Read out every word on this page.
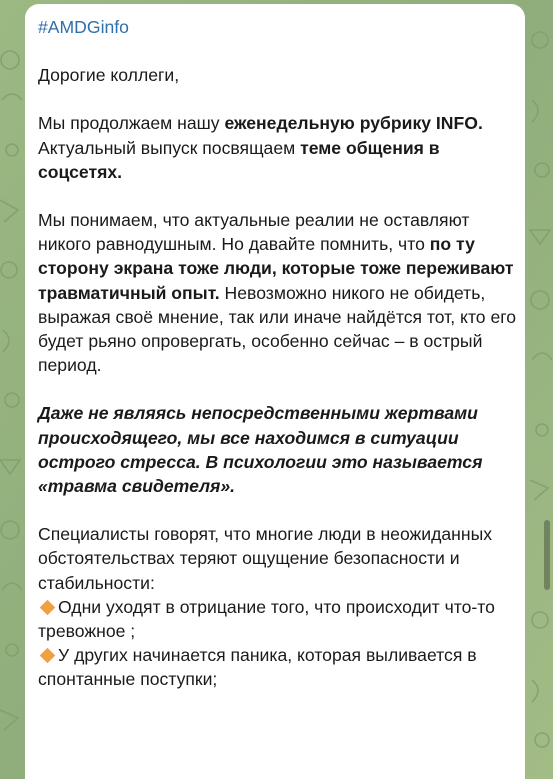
#AMDGinfo

Дорогие коллеги,

Мы продолжаем нашу еженедельную рубрику INFO. Актуальный выпуск посвящаем теме общения в соцсетях.

Мы понимаем, что актуальные реалии не оставляют никого равнодушным. Но давайте помнить, что по ту сторону экрана тоже люди, которые тоже переживают травматичный опыт. Невозможно никого не обидеть, выражая своё мнение, так или иначе найдётся тот, кто его будет рьяно опровергать, особенно сейчас – в острый период.

Даже не являясь непосредственными жертвами происходящего, мы все находимся в ситуации острого стресса. В психологии это называется «травма свидетеля».

Специалисты говорят, что многие люди в неожиданных обстоятельствах теряют ощущение безопасности и стабильности:

Одни уходят в отрицание того, что происходит что-то тревожное ;

У других начинается паника, которая выливается в спонтанные поступки;
